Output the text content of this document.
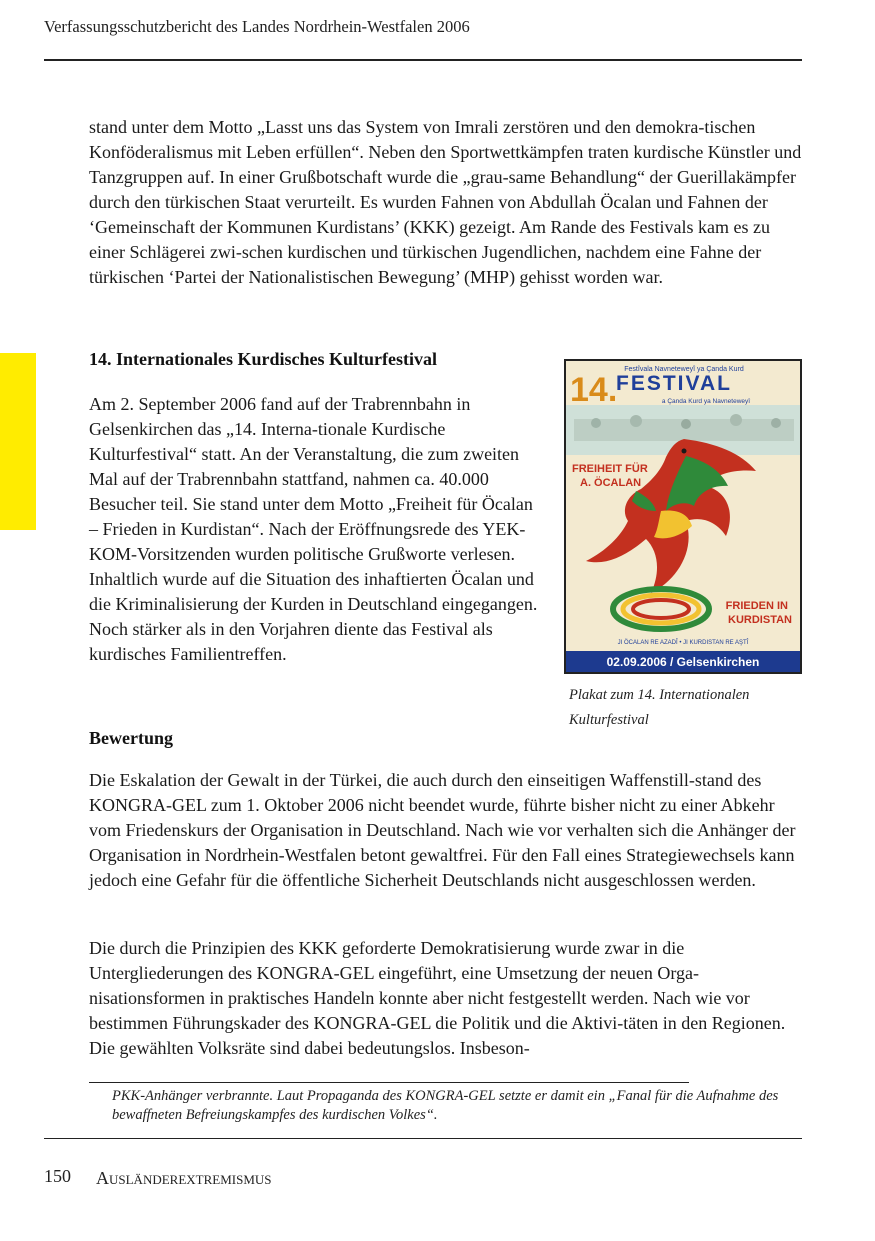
Verfassungsschutzbericht des Landes Nordrhein-Westfalen 2006

stand unter dem Motto „Lasst uns das System von Imrali zerstören und den demokra-tischen Konföderalismus mit Leben erfüllen“. Neben den Sportwettkämpfen traten kurdische Künstler und Tanzgruppen auf. In einer Grußbotschaft wurde die „grau-same Behandlung“ der Guerillakämpfer durch den türkischen Staat verurteilt. Es wurden Fahnen von Abdullah Öcalan und Fahnen der ‘Gemeinschaft der Kommunen Kurdistans’ (KKK) gezeigt. Am Rande des Festivals kam es zu einer Schlägerei zwi-schen kurdischen und türkischen Jugendlichen, nachdem eine Fahne der türkischen ‘Partei der Nationalistischen Bewegung’ (MHP) gehisst worden war.

14. Internationales Kurdisches Kulturfestival

Am 2. September 2006 fand auf der Trabrennbahn in Gelsenkirchen das „14. Interna-tionale Kurdische Kulturfestival“ statt. An der Veranstaltung, die zum zweiten Mal auf der Trabrennbahn stattfand, nahmen ca. 40.000 Besucher teil. Sie stand unter dem Motto „Freiheit für Öcalan – Frieden in Kurdistan“. Nach der Eröffnungsrede des YEK-KOM-Vorsitzenden wurden politische Grußworte verlesen. Inhaltlich wurde auf die Situation des inhaftierten Öcalan und die Kriminalisierung der Kurden in Deutschland eingegangen. Noch stärker als in den Vorjahren diente das Festival als kurdisches Familientreffen.

Festîvala Navneteweyî ya Çanda Kurd
14.
FESTIVAL
a Çanda Kurd ya Navneteweyî
FREIHEIT FÜR
A. ÖCALAN
FRIEDEN IN
KURDISTAN
JI ÖCALAN RE AZADÎ • JI KURDISTAN RE AŞTÎ
02.09.2006 / Gelsenkirchen

Plakat zum 14. Internationalen Kulturfestival

Bewertung

Die Eskalation der Gewalt in der Türkei, die auch durch den einseitigen Waffenstill-stand des KONGRA-GEL zum 1. Oktober 2006 nicht beendet wurde, führte bisher nicht zu einer Abkehr vom Friedenskurs der Organisation in Deutschland. Nach wie vor verhalten sich die Anhänger der Organisation in Nordrhein-Westfalen betont gewaltfrei. Für den Fall eines Strategiewechsels kann jedoch eine Gefahr für die öffentliche Sicherheit Deutschlands nicht ausgeschlossen werden.

Die durch die Prinzipien des KKK geforderte Demokratisierung wurde zwar in die Untergliederungen des KONGRA-GEL eingeführt, eine Umsetzung der neuen Orga-nisationsformen in praktisches Handeln konnte aber nicht festgestellt werden. Nach wie vor bestimmen Führungskader des KONGRA-GEL die Politik und die Aktivi-täten in den Regionen. Die gewählten Volksräte sind dabei bedeutungslos. Insbeson-

PKK-Anhänger verbrannte. Laut Propaganda des KONGRA-GEL setzte er damit ein „Fanal für die Aufnahme des bewaffneten Befreiungskampfes des kurdischen Volkes“.

150 Ausländerextremismus
